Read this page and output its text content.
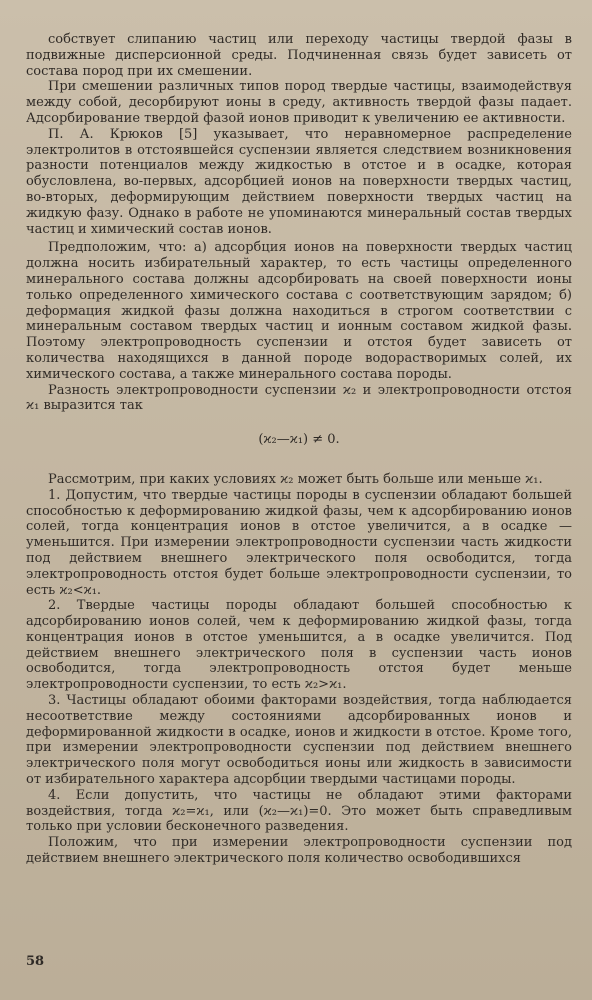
собствует слипанию частиц или переходу частицы твердой фазы в подвижные дисперсионной среды. Подчиненная связь будет зависеть от состава пород при их смешении.

При смешении различных типов пород твердые частицы, взаимодействуя между собой, десорбируют ионы в среду, активность твердой фазы падает. Адсорбирование твердой фазой ионов приводит к увеличению ее активности.

П. А. Крюков [5] указывает, что неравномерное распределение электролитов в отстоявшейся суспензии является следствием возникновения разности потенциалов между жидкостью в отстое и в осадке, которая обусловлена, во-первых, адсорбцией ионов на поверхности твердых частиц, во-вторых, деформирующим действием поверхности твердых частиц на жидкую фазу. Однако в работе не упоминаются минеральный состав твердых частиц и химический состав ионов.

Предположим, что: а) адсорбция ионов на поверхности твердых частиц должна носить избирательный характер, то есть частицы определенного минерального состава должны адсорбировать на своей поверхности ионы только определенного химического состава с соответствующим зарядом; б) деформация жидкой фазы должна находиться в строгом соответствии с минеральным составом твердых частиц и ионным составом жидкой фазы. Поэтому электропроводность суспензии и отстоя будет зависеть от количества находящихся в данной породе водорастворимых солей, их химического состава, а также минерального состава породы.

Разность электропроводности суспензии ϰ₂ и электропроводности отстоя ϰ₁ выразится так

(ϰ₂—ϰ₁) ≠ 0.

Рассмотрим, при каких условиях ϰ₂ может быть больше или меньше ϰ₁.

1. Допустим, что твердые частицы породы в суспензии обладают большей способностью к деформированию жидкой фазы, чем к адсорбированию ионов солей, тогда концентрация ионов в отстое увеличится, а в осадке — уменьшится. При измерении электропроводности суспензии часть жидкости под действием внешнего электрического поля освободится, тогда электропроводность отстоя будет больше электропроводности суспензии, то есть ϰ₂<ϰ₁.

2. Твердые частицы породы обладают большей способностью к адсорбированию ионов солей, чем к деформированию жидкой фазы, тогда концентрация ионов в отстое уменьшится, а в осадке увеличится. Под действием внешнего электрического поля в суспензии часть ионов освободится, тогда электропроводность отстоя будет меньше электропроводности суспензии, то есть ϰ₂>ϰ₁.

3. Частицы обладают обоими факторами воздействия, тогда наблюдается несоответствие между состояниями адсорбированных ионов и деформированной жидкости в осадке, ионов и жидкости в отстое. Кроме того, при измерении электропроводности суспензии под действием внешнего электрического поля могут освободиться ионы или жидкость в зависимости от избирательного характера адсорбции твердыми частицами породы.

4. Если допустить, что частицы не обладают этими факторами воздействия, тогда ϰ₂=ϰ₁, или (ϰ₂—ϰ₁)=0. Это может быть справедливым только при условии бесконечного разведения.

Положим, что при измерении электропроводности суспензии под действием внешнего электрического поля количество освободившихся

58
